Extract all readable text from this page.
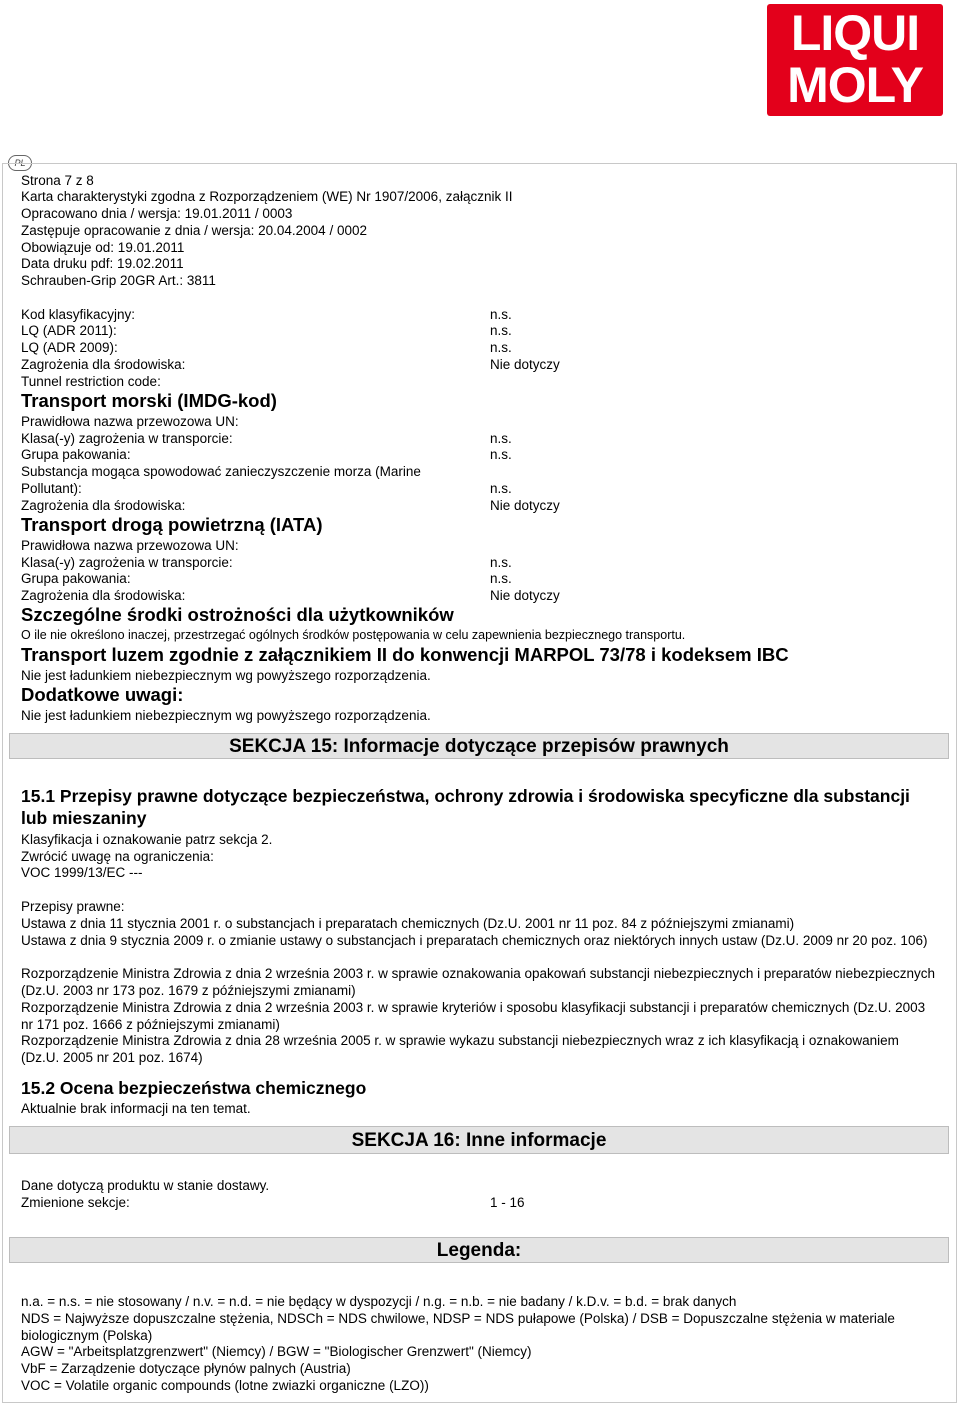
LIQUI
MOLY
PL
Strona 7 z 8
Karta charakterystyki zgodna z Rozporządzeniem (WE) Nr 1907/2006, załącznik II
Opracowano dnia / wersja: 19.01.2011 / 0003
Zastępuje opracowanie z dnia / wersja: 20.04.2004 / 0002
Obowiązuje od: 19.01.2011
Data druku pdf: 19.02.2011
Schrauben-Grip 20GR Art.: 3811
Kod klasyfikacyjny:	n.s.
LQ (ADR 2011):	n.s.
LQ (ADR 2009):	n.s.
Zagrożenia dla środowiska:	Nie dotyczy
Tunnel restriction code:
Transport morski (IMDG-kod)
Prawidłowa nazwa przewozowa UN:
Klasa(-y) zagrożenia w transporcie:	n.s.
Grupa pakowania:	n.s.
Substancja mogąca spowodować zanieczyszczenie morza (Marine
Pollutant):	n.s.
Zagrożenia dla środowiska:	Nie dotyczy
Transport drogą powietrzną (IATA)
Prawidłowa nazwa przewozowa UN:
Klasa(-y) zagrożenia w transporcie:	n.s.
Grupa pakowania:	n.s.
Zagrożenia dla środowiska:	Nie dotyczy
Szczególne środki ostrożności dla użytkowników
O ile nie określono inaczej, przestrzegać ogólnych środków postępowania w celu zapewnienia bezpiecznego transportu.
Transport luzem zgodnie z załącznikiem II do konwencji MARPOL 73/78 i kodeksem IBC
Nie jest ładunkiem niebezpiecznym wg powyższego rozporządzenia.
Dodatkowe uwagi:
Nie jest ładunkiem niebezpiecznym wg powyższego rozporządzenia.
SEKCJA 15: Informacje dotyczące przepisów prawnych
15.1 Przepisy prawne dotyczące bezpieczeństwa, ochrony zdrowia i środowiska specyficzne dla substancji lub mieszaniny
Klasyfikacja i oznakowanie patrz sekcja 2.
Zwrócić uwagę na ograniczenia:
VOC 1999/13/EC ---
Przepisy prawne:
Ustawa z dnia 11 stycznia 2001 r. o substancjach i preparatach chemicznych (Dz.U. 2001 nr 11 poz. 84 z późniejszymi zmianami)
Ustawa z dnia 9 stycznia 2009 r. o zmianie ustawy o substancjach i preparatach chemicznych oraz niektórych innych ustaw (Dz.U. 2009 nr 20 poz. 106)
Rozporządzenie Ministra Zdrowia z dnia 2 września 2003 r. w sprawie oznakowania opakowań substancji niebezpiecznych i preparatów niebezpiecznych (Dz.U. 2003 nr 173 poz. 1679 z późniejszymi zmianami)
Rozporządzenie Ministra Zdrowia z dnia 2 września 2003 r. w sprawie kryteriów i sposobu klasyfikacji substancji i preparatów chemicznych (Dz.U. 2003 nr 171 poz. 1666 z późniejszymi zmianami)
Rozporządzenie Ministra Zdrowia z dnia 28 września 2005 r. w sprawie wykazu substancji niebezpiecznych wraz z ich klasyfikacją i oznakowaniem (Dz.U. 2005 nr 201 poz. 1674)
15.2 Ocena bezpieczeństwa chemicznego
Aktualnie brak informacji na ten temat.
SEKCJA 16: Inne informacje
Dane dotyczą produktu w stanie dostawy.
Zmienione sekcje:	1 - 16
Legenda:
n.a. = n.s. = nie stosowany / n.v. = n.d. = nie będący w dyspozycji / n.g. = n.b. = nie badany / k.D.v. = b.d. = brak danych
NDS = Najwyższe dopuszczalne stężenia, NDSCh = NDS chwilowe, NDSP = NDS pułapowe (Polska) / DSB = Dopuszczalne stężenia w materiale biologicznym (Polska)
AGW = "Arbeitsplatzgrenzwert" (Niemcy) / BGW = "Biologischer Grenzwert" (Niemcy)
VbF = Zarządzenie dotyczące płynów palnych (Austria)
VOC = Volatile organic compounds (lotne zwiazki organiczne (LZO))
